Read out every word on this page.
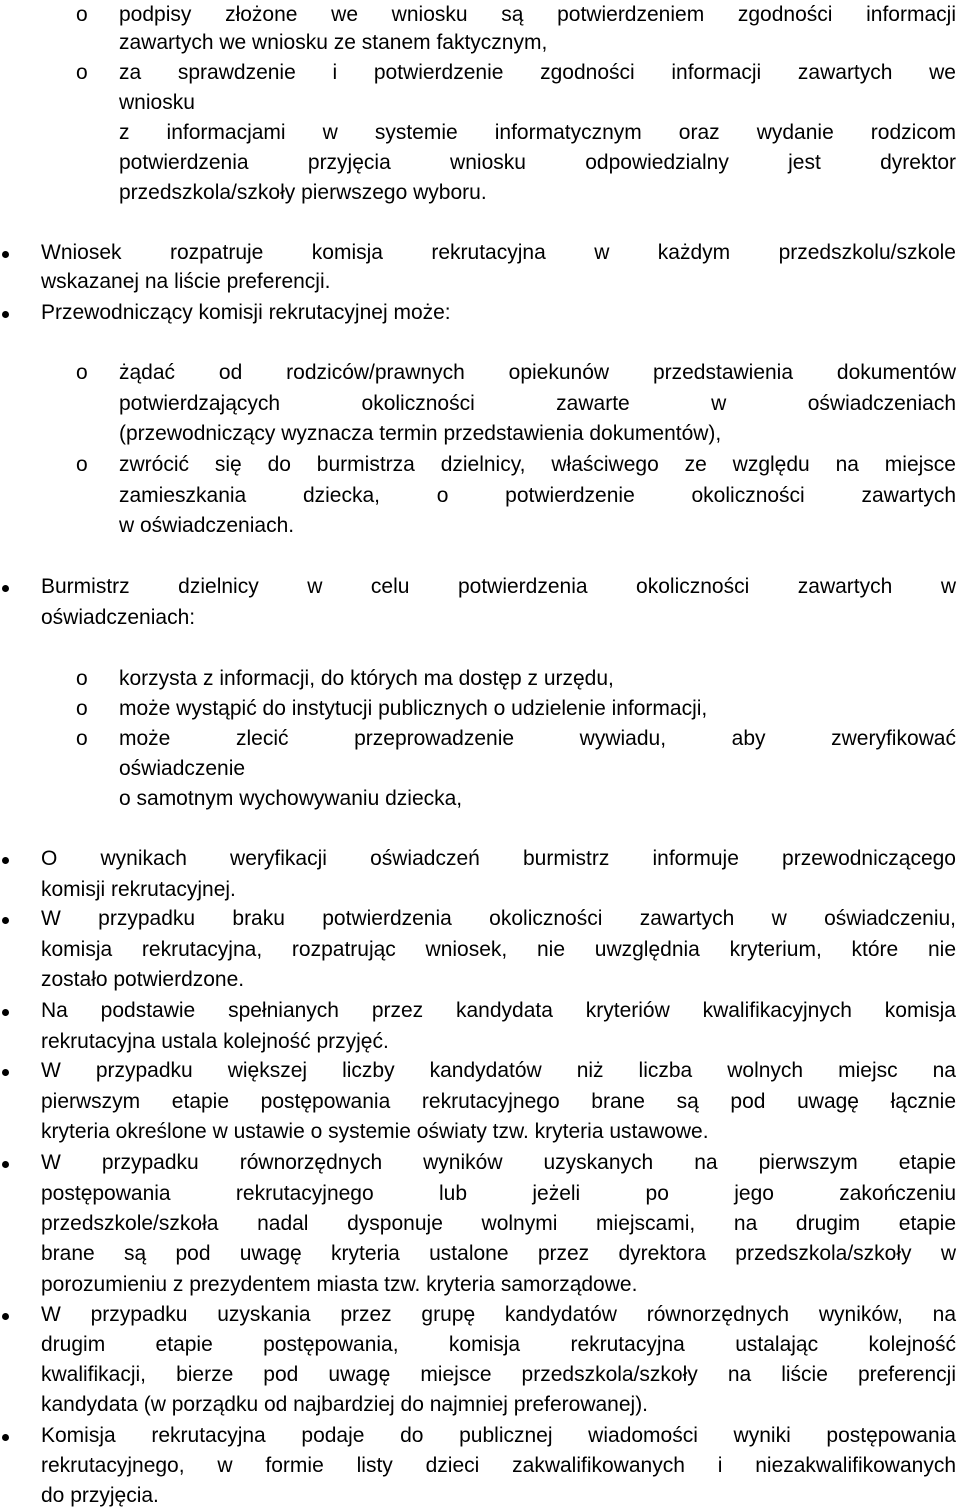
o podpisy złożone we wniosku są potwierdzeniem zgodności informacji
zawartych we wniosku ze stanem faktycznym,
o za sprawdzenie i potwierdzenie zgodności informacji zawartych we
wniosku
z informacjami w systemie informatycznym oraz wydanie rodzicom
potwierdzenia przyjęcia wniosku odpowiedzialny jest dyrektor
przedszkola/szkoły pierwszego wyboru.
Wniosek rozpatruje komisja rekrutacyjna w każdym przedszkolu/szkole
wskazanej na liście preferencji.
Przewodniczący komisji rekrutacyjnej może:
o żądać od rodziców/prawnych opiekunów przedstawienia dokumentów
potwierdzających okoliczności zawarte w oświadczeniach
(przewodniczący wyznacza termin przedstawienia dokumentów),
o zwrócić się do burmistrza dzielnicy, właściwego ze względu na miejsce
zamieszkania dziecka, o potwierdzenie okoliczności zawartych
w oświadczeniach.
Burmistrz dzielnicy w celu potwierdzenia okoliczności zawartych w
oświadczeniach:
o korzysta z informacji, do których ma dostęp z urzędu,
o może wystąpić do instytucji publicznych o udzielenie informacji,
o może zlecić przeprowadzenie wywiadu, aby zweryfikować
oświadczenie
o samotnym wychowywaniu dziecka,
O wynikach weryfikacji oświadczeń burmistrz informuje przewodniczącego
komisji rekrutacyjnej.
W przypadku braku potwierdzenia okoliczności zawartych w oświadczeniu,
komisja rekrutacyjna, rozpatrując wniosek, nie uwzględnia kryterium, które nie
zostało potwierdzone.
Na podstawie spełnianych przez kandydata kryteriów kwalifikacyjnych komisja
rekrutacyjna ustala kolejność przyjęć.
W przypadku większej liczby kandydatów niż liczba wolnych miejsc na
pierwszym etapie postępowania rekrutacyjnego brane są pod uwagę łącznie
kryteria określone w ustawie o systemie oświaty tzw. kryteria ustawowe.
W przypadku równorzędnych wyników uzyskanych na pierwszym etapie
postępowania rekrutacyjnego lub jeżeli po jego zakończeniu
przedszkole/szkoła nadal dysponuje wolnymi miejscami, na drugim etapie
brane są pod uwagę kryteria ustalone przez dyrektora przedszkola/szkoły w
porozumieniu z prezydentem miasta tzw. kryteria samorządowe.
W przypadku uzyskania przez grupę kandydatów równorzędnych wyników, na
drugim etapie postępowania, komisja rekrutacyjna ustalając kolejność
kwalifikacji, bierze pod uwagę miejsce przedszkola/szkoły na liście preferencji
kandydata (w porządku od najbardziej do najmniej preferowanej).
Komisja rekrutacyjna podaje do publicznej wiadomości wyniki postępowania
rekrutacyjnego, w formie listy dzieci zakwalifikowanych i niezakwalifikowanych
do przyjęcia.
